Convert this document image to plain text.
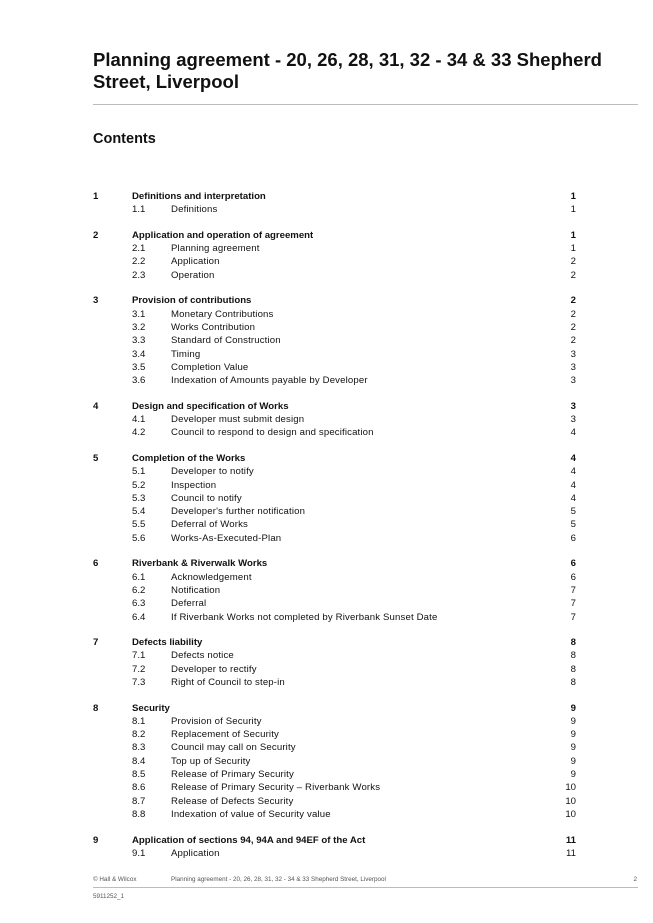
Planning agreement - 20, 26, 28, 31, 32 - 34 & 33 Shepherd Street, Liverpool
Contents
1	Definitions and interpretation	1
1.1	Definitions	1
2	Application and operation of agreement	1
2.1	Planning agreement	1
2.2	Application	2
2.3	Operation	2
3	Provision of contributions	2
3.1	Monetary Contributions	2
3.2	Works Contribution	2
3.3	Standard of Construction	2
3.4	Timing	3
3.5	Completion Value	3
3.6	Indexation of Amounts payable by Developer	3
4	Design and specification of Works	3
4.1	Developer must submit design	3
4.2	Council to respond to design and specification	4
5	Completion of the Works	4
5.1	Developer to notify	4
5.2	Inspection	4
5.3	Council to notify	4
5.4	Developer's further notification	5
5.5	Deferral of Works	5
5.6	Works-As-Executed-Plan	6
6	Riverbank & Riverwalk Works	6
6.1	Acknowledgement	6
6.2	Notification	7
6.3	Deferral	7
6.4	If Riverbank Works not completed by Riverbank Sunset Date	7
7	Defects liability	8
7.1	Defects notice	8
7.2	Developer to rectify	8
7.3	Right of Council to step-in	8
8	Security	9
8.1	Provision of Security	9
8.2	Replacement of Security	9
8.3	Council may call on Security	9
8.4	Top up of Security	9
8.5	Release of Primary Security	9
8.6	Release of Primary Security – Riverbank Works	10
8.7	Release of Defects Security	10
8.8	Indexation of value of Security value	10
9	Application of sections 94, 94A and 94EF of the Act	11
9.1	Application	11
© Hall & Wilcox	Planning agreement - 20, 26, 28, 31, 32 - 34 & 33 Shepherd Street, Liverpool	2
5911252_1
